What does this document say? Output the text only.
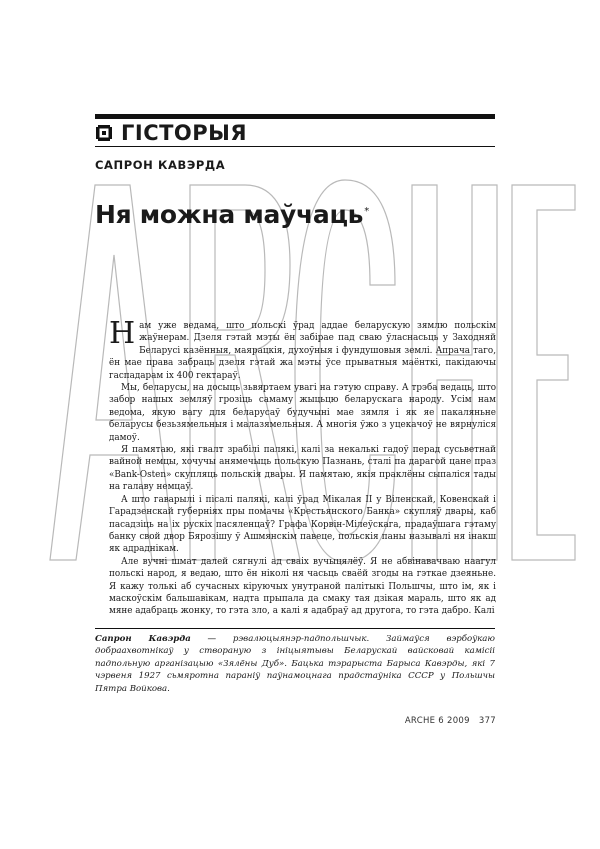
ГІСТОРЫЯ
САПРОН КАВЭРДА
Ня можна маўчаць*

Нам уже ведама, што польскі ўрад аддае беларускую зямлю польскім жаўнерам. Дзеля гэтай мэты ён забірае пад сваю ўласнасьць у Заходняй Беларусі казённыя, маярацкія, духоўныя і фундушовыя землі. Апрача таго, ён мае права забраць дзеля гэтай жа мэты ўсе прыватныя маёнткі, пакідаючы гаспадарам іх 400 гектараў.

Мы, беларусы, на досыць зьвяртаем увагі на гэтую справу. А трэба ведаць, што забор нашых земляў грозіць самаму жыцьцю беларускага народу. Усім нам ведома, якую вагу для беларусаў будучыні мае зямля і як яе пакаляньне беларусы безьзямельныя і малазямельныя. А многія ўжо з уцекачоў не вярнуліся дамоў.

Я памятаю, які гвалт зрабілі палякі, калі за некалькі гадоў перад сусьветнай вайной немцы, хочучы анямечыць польскую Пазнань, сталі па дарагой цане праз «Bank-Osten» скупляць польскія двары. Я памятаю, якія праклёны сыпаліся тады на галаву немцаў.

А што гаварылі і пісалі палякі, калі ўрад Мікалая II у Віленскай, Ковенскай і Гарадзенскай губерніях пры помачы «Крестьянского Банка» скупляў двары, каб пасадзіць на іх рускіх пасяленцаў? Графа Корвін-Мілеўскага, прадаўшага гэтаму банку свой двор Бярозішу ў Ашмянскім павеце, польскія паны называлі ня інакш як адраднікам.

Але вучні шмат далей сягнулі ад сваіх вучыцялёў. Я не абвінавачваю наагул польскі народ, я ведаю, што ён ніколі ня часьць сваёй згоды на гэткае дзеяньне. Я кажу толькі аб сучасных кіруючых унутраной палітыкі Польшчы, што ім, як і маскоўскім бальшавікам, надта прыпала да смаку тая дзікая мараль, што як ад мяне адабраць жонку, то гэта зло, а калі я адабраў ад другога, то гэта дабро. Калі

Сапрон Кавэрда — рэвалюцыянэр-падпольшчык. Займаўся вэрбоўкаю добраахвотнікаў у створаную з ініцыятывы Беларускай вайсковай камісіі падпольную арганізацыю «Зялёны Дуб». Бацька тэрарыста Барыса Кавэрды, які 7 чэрвеня 1927 сьмяротна параніў паўнамоцнага прадстаўніка СССР у Польшчы Пятра Войкова.
ARCHE 6 2009 377
